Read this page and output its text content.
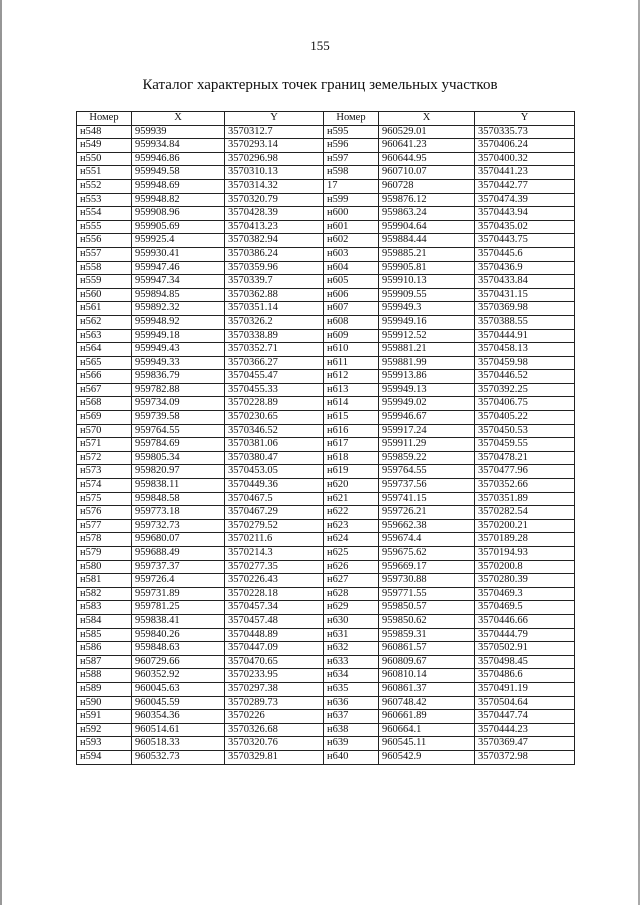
155
Каталог характерных точек границ земельных участков
Номер	X	Y	Номер	X	Y
н548	959939	3570312.7	н595	960529.01	3570335.73
н549	959934.84	3570293.14	н596	960641.23	3570406.24
н550	959946.86	3570296.98	н597	960644.95	3570400.32
н551	959949.58	3570310.13	н598	960710.07	3570441.23
н552	959948.69	3570314.32	17	960728	3570442.77
н553	959948.82	3570320.79	н599	959876.12	3570474.39
н554	959908.96	3570428.39	н600	959863.24	3570443.94
н555	959905.69	3570413.23	н601	959904.64	3570435.02
н556	959925.4	3570382.94	н602	959884.44	3570443.75
н557	959930.41	3570386.24	н603	959885.21	3570445.6
н558	959947.46	3570359.96	н604	959905.81	3570436.9
н559	959947.34	3570339.7	н605	959910.13	3570433.84
н560	959894.85	3570362.88	н606	959909.55	3570431.15
н561	959892.32	3570351.14	н607	959949.3	3570369.98
н562	959948.92	3570326.2	н608	959949.16	3570388.55
н563	959949.18	3570338.89	н609	959912.52	3570444.91
н564	959949.43	3570352.71	н610	959881.21	3570458.13
н565	959949.33	3570366.27	н611	959881.99	3570459.98
н566	959836.79	3570455.47	н612	959913.86	3570446.52
н567	959782.88	3570455.33	н613	959949.13	3570392.25
н568	959734.09	3570228.89	н614	959949.02	3570406.75
н569	959739.58	3570230.65	н615	959946.67	3570405.22
н570	959764.55	3570346.52	н616	959917.24	3570450.53
н571	959784.69	3570381.06	н617	959911.29	3570459.55
н572	959805.34	3570380.47	н618	959859.22	3570478.21
н573	959820.97	3570453.05	н619	959764.55	3570477.96
н574	959838.11	3570449.36	н620	959737.56	3570352.66
н575	959848.58	3570467.5	н621	959741.15	3570351.89
н576	959773.18	3570467.29	н622	959726.21	3570282.54
н577	959732.73	3570279.52	н623	959662.38	3570200.21
н578	959680.07	3570211.6	н624	959674.4	3570189.28
н579	959688.49	3570214.3	н625	959675.62	3570194.93
н580	959737.37	3570277.35	н626	959669.17	3570200.8
н581	959726.4	3570226.43	н627	959730.88	3570280.39
н582	959731.89	3570228.18	н628	959771.55	3570469.3
н583	959781.25	3570457.34	н629	959850.57	3570469.5
н584	959838.41	3570457.48	н630	959850.62	3570446.66
н585	959840.26	3570448.89	н631	959859.31	3570444.79
н586	959848.63	3570447.09	н632	960861.57	3570502.91
н587	960729.66	3570470.65	н633	960809.67	3570498.45
н588	960352.92	3570233.95	н634	960810.14	3570486.6
н589	960045.63	3570297.38	н635	960861.37	3570491.19
н590	960045.59	3570289.73	н636	960748.42	3570504.64
н591	960354.36	3570226	н637	960661.89	3570447.74
н592	960514.61	3570326.68	н638	960664.1	3570444.23
н593	960518.33	3570320.76	н639	960545.11	3570369.47
н594	960532.73	3570329.81	н640	960542.9	3570372.98
